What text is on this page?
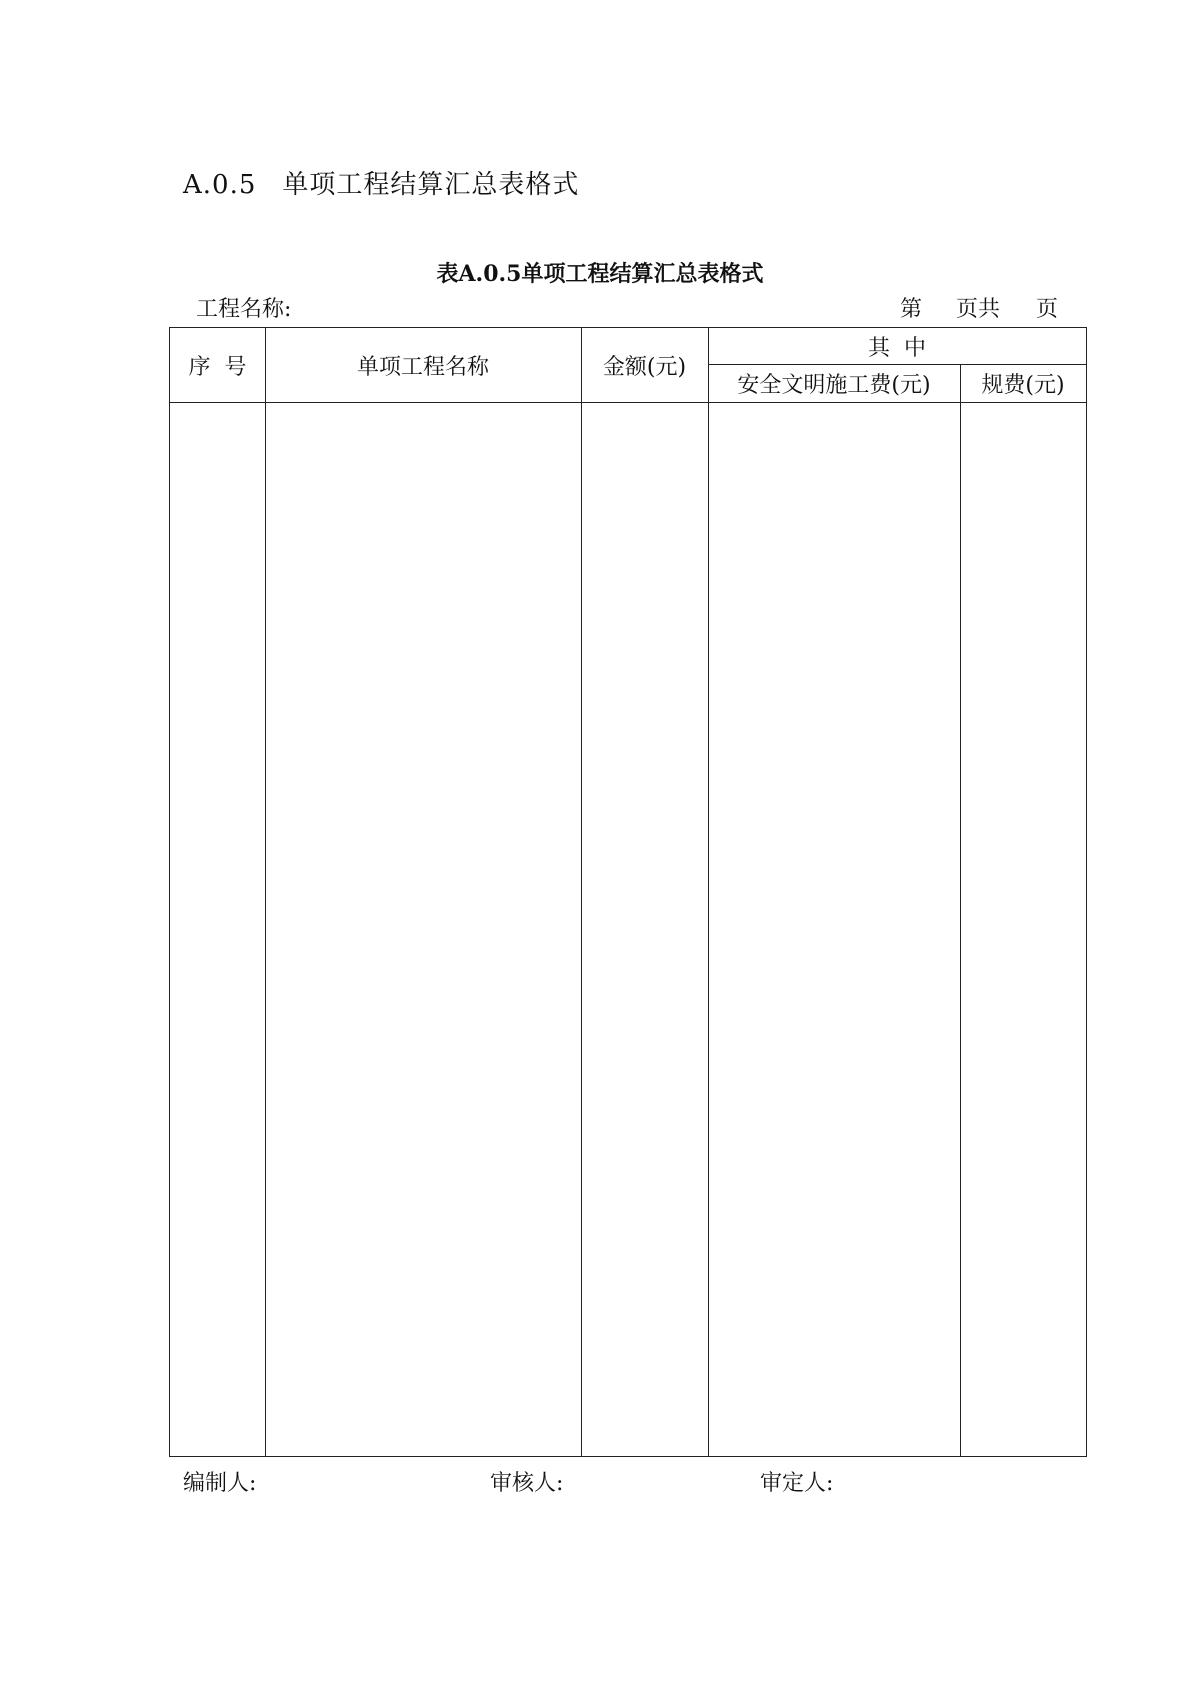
A.0.5 单项工程结算汇总表格式
表A.0.5单项工程结算汇总表格式
工程名称:	第 页共 页
序  号	单项工程名称	金额(元)
其  中
安全文明施工费(元) 规费(元)
编制人:	审核人:	审定人:
